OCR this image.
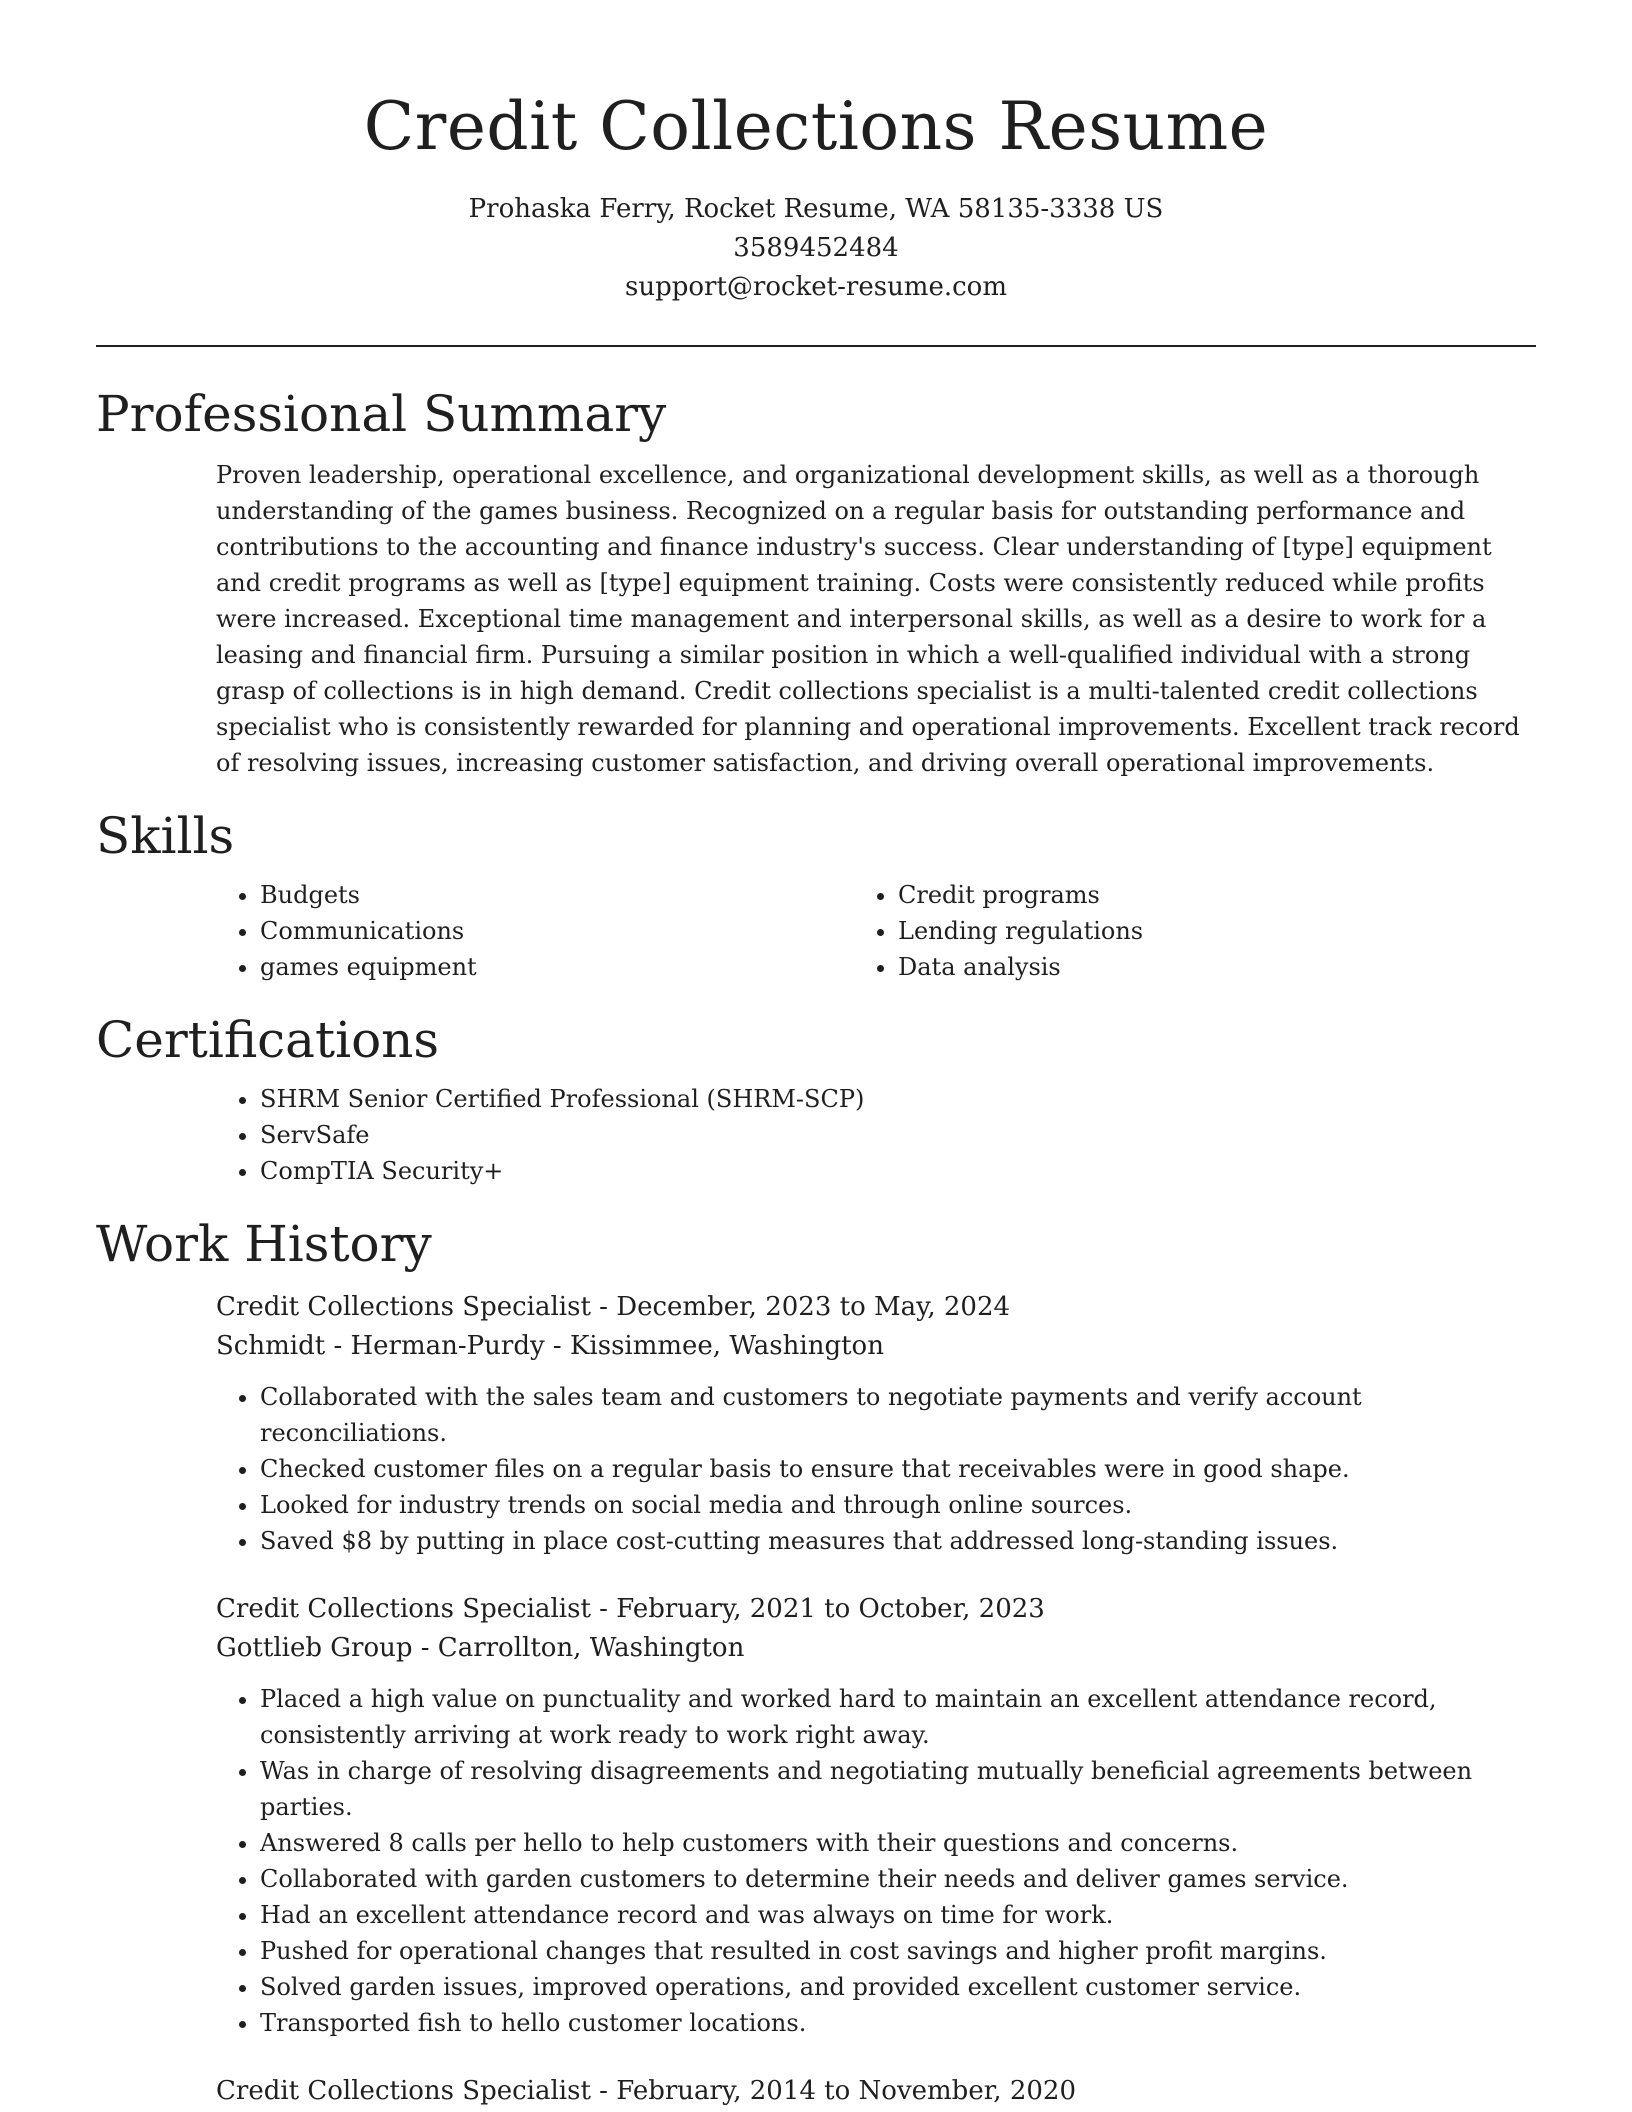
Credit Collections Resume
Prohaska Ferry, Rocket Resume, WA 58135-3338 US
3589452484
support@rocket-resume.com
Professional Summary

Proven leadership, operational excellence, and organizational development skills, as well as a thorough understanding of the games business. Recognized on a regular basis for outstanding performance and contributions to the accounting and finance industry's success. Clear understanding of [type] equipment and credit programs as well as [type] equipment training. Costs were consistently reduced while profits were increased. Exceptional time management and interpersonal skills, as well as a desire to work for a leasing and financial firm. Pursuing a similar position in which a well-qualified individual with a strong grasp of collections is in high demand. Credit collections specialist is a multi-talented credit collections specialist who is consistently rewarded for planning and operational improvements. Excellent track record of resolving issues, increasing customer satisfaction, and driving overall operational improvements.

Skills
• Budgets
• Communications
• games equipment
• Credit programs
• Lending regulations
• Data analysis
Certifications
• SHRM Senior Certified Professional (SHRM-SCP)
• ServSafe
• CompTIA Security+
Work History
Credit Collections Specialist - December, 2023 to May, 2024
Schmidt - Herman-Purdy - Kissimmee, Washington
• Collaborated with the sales team and customers to negotiate payments and verify account reconciliations.
• Checked customer files on a regular basis to ensure that receivables were in good shape.
• Looked for industry trends on social media and through online sources.
• Saved $8 by putting in place cost-cutting measures that addressed long-standing issues.
Credit Collections Specialist - February, 2021 to October, 2023
Gottlieb Group - Carrollton, Washington
• Placed a high value on punctuality and worked hard to maintain an excellent attendance record, consistently arriving at work ready to work right away.
• Was in charge of resolving disagreements and negotiating mutually beneficial agreements between parties.
• Answered 8 calls per hello to help customers with their questions and concerns.
• Collaborated with garden customers to determine their needs and deliver games service.
• Had an excellent attendance record and was always on time for work.
• Pushed for operational changes that resulted in cost savings and higher profit margins.
• Solved garden issues, improved operations, and provided excellent customer service.
• Transported fish to hello customer locations.
Credit Collections Specialist - February, 2014 to November, 2020
